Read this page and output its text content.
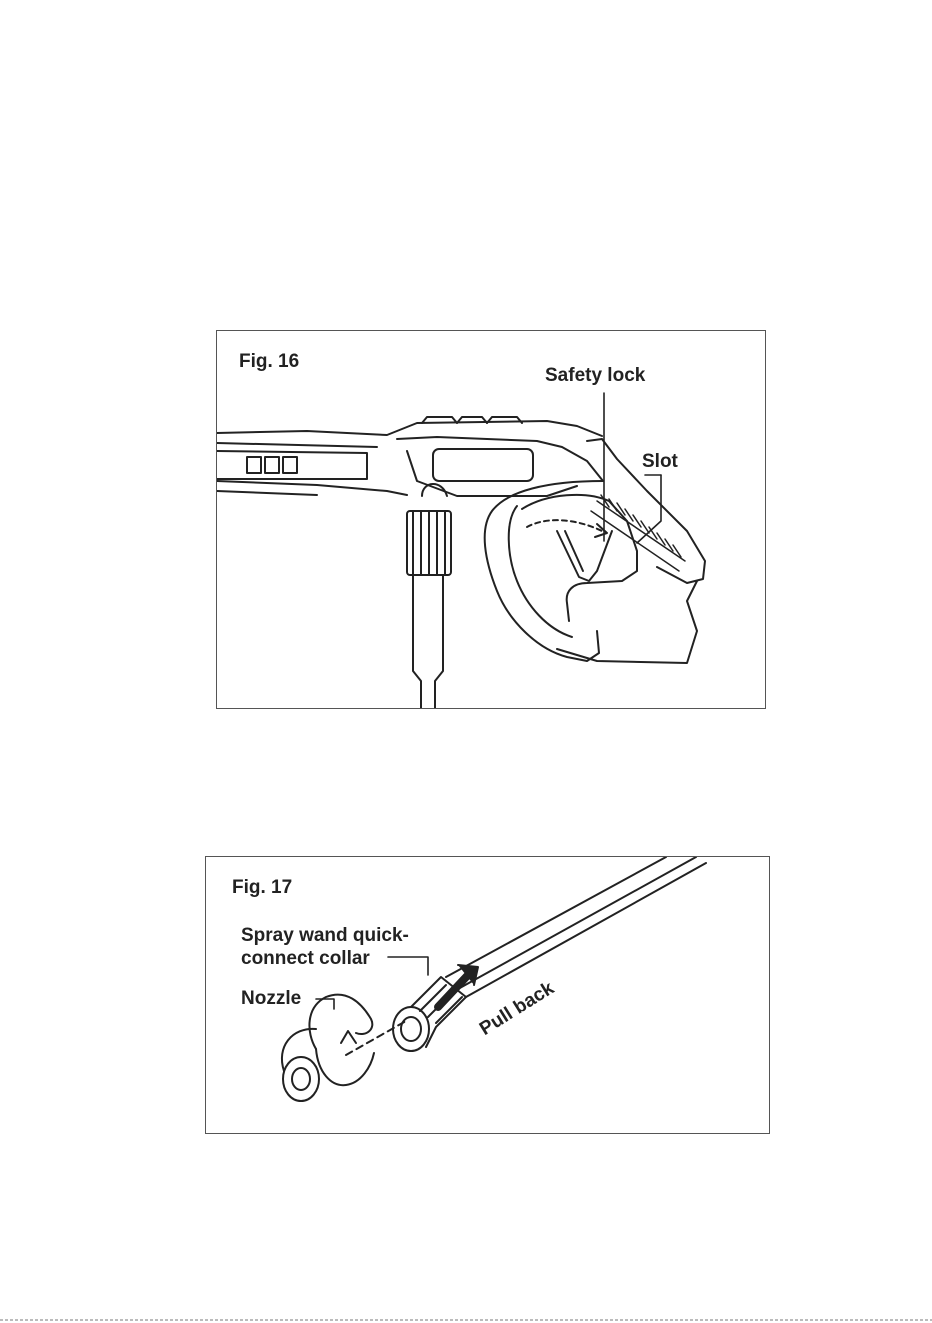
Fig. 16
Safety lock
Slot
Fig. 17
Spray wand quick-
connect collar
Nozzle	Pull back
